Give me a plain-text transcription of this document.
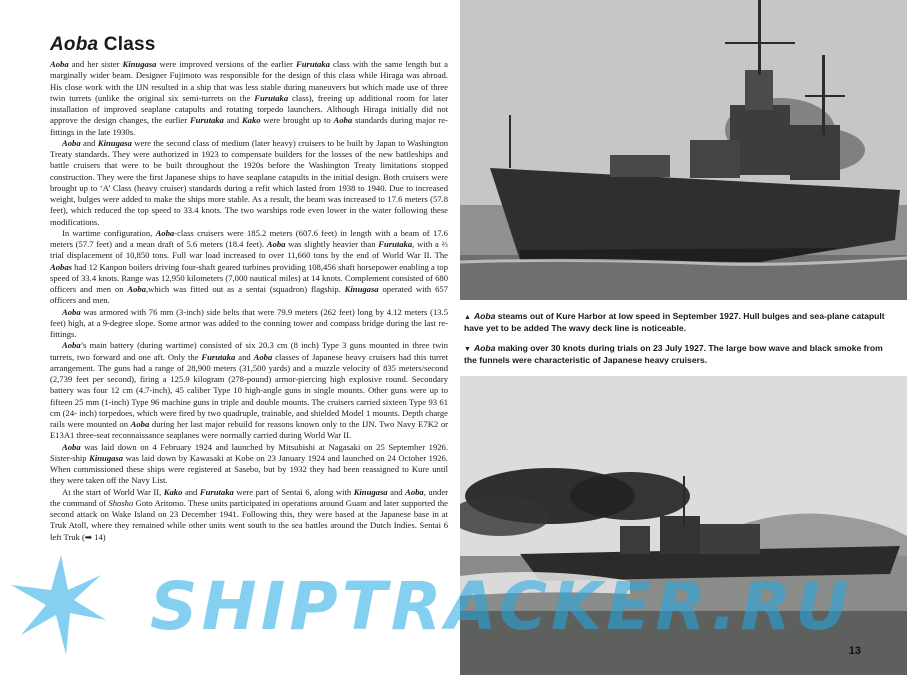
Aoba Class

Aoba and her sister Kinugasa were improved versions of the earlier Furutaka class with the same length but a marginally wider beam. Designer Fujimoto was responsible for the design of this class while Hiraga was abroad. His close work with the IJN resulted in a ship that was less stable during maneuvers but which made use of three twin turrets (unlike the original six semi-turrets on the Furutaka class), freeing up additional room for later installation of improved seaplane catapults and rotating torpedo launchers. Although Hiraga initially did not approve the design changes, the earlier Furutaka and Kako were brought up to Aoba standards during major re-fittings in the late 1930s.

Aoba and Kinugasa were the second class of medium (later heavy) cruisers to be built by Japan to Washington Treaty standards. They were authorized in 1923 to compensate builders for the losses of the new battleships and battle cruisers that were to be built throughout the 1920s before the Washington Treaty limitations stopped construction. They were the first Japanese ships to have seaplane catapults in the initial design. Both cruisers were brought up to ‘A’ Class (heavy cruiser) standards during a refit which lasted from 1938 to 1940. Due to increased weight, bulges were added to make the ships more stable. As a result, the beam was increased to 17.6 meters (57.8 feet), which reduced the top speed to 33.4 knots. The two warships rode even lower in the water following these modifications.

In wartime configuration, Aoba-class cruisers were 185.2 meters (607.6 feet) in length with a beam of 17.6 meters (57.7 feet) and a mean draft of 5.6 meters (18.4 feet). Aoba was slightly heavier than Furutaka, with a ⅔ trial displacement of 10,850 tons. Full war load increased to over 11,660 tons by the end of World War II. The Aobas had 12 Kanpon boilers driving four-shaft geared turbines providing 108,456 shaft horsepower enabling a top speed of 33.4 knots. Range was 12,950 kilometers (7,000 nautical miles) at 14 knots. Complement consisted of 680 officers and men on Aoba,which was fitted out as a sentai (squadron) flagship. Kinugasa operated with 657 officers and men.

Aoba was armored with 76 mm (3-inch) side belts that were 79.9 meters (262 feet) long by 4.12 meters (13.5 feet) high, at a 9-degree slope. Some armor was added to the conning tower and compass bridge during the last re-fittings.

Aoba’s main battery (during wartime) consisted of six 20.3 cm (8 inch) Type 3 guns mounted in three twin turrets, two forward and one aft. Only the Furutaka and Aoba classes of Japanese heavy cruisers had this turret arrangement. The guns had a range of 28,900 meters (31,500 yards) and a muzzle velocity of 835 meters/second (2,739 feet per second), firing a 125.9 kilogram (278-pound) armor-piercing high explosive round. Secondary battery was four 12 cm (4.7-inch), 45 caliber Type 10 high-angle guns in single mounts. Other guns were up to fifteen 25 mm (1-inch) Type 96 machine guns in triple and double mounts. The cruisers carried sixteen Type 93 61 cm (24- inch) torpedoes, which were fired by two quadruple, trainable, and shielded Model 1 mounts. Depth charge rails were mounted on Aoba during her last major rebuild for reasons known only to the IJN. Two Navy E7K2 or E13A1 three-seat reconnaissance seaplanes were normally carried during World War II.

Aoba was laid down on 4 February 1924 and launched by Mitsubishi at Nagasaki on 25 September 1926. Sister-ship Kinugasa was laid down by Kawasaki at Kobe on 23 January 1924 and launched on 24 October 1926. When commissioned these ships were registered at Sasebo, but by 1932 they had been reassigned to Kure until they were taken off the Navy List.

At the start of World War II, Kako and Furutaka were part of Sentai 6, along with Kinugasa and Aoba, under the command of Shosho Goto Aritomo. These units participated in operations around Guam and later supported the second attack on Wake Island on 23 December 1941. Following this, they were based at the Japanese base in at Truk Atoll, where they remained while other units went south to the sea battles around the Dutch Indies. Sentai 6 left Truk (➡ 14)

▲ Aoba steams out of Kure Harbor at low speed in September 1927. Hull bulges and sea-plane catapult have yet to be added The wavy deck line is noticeable.

▼ Aoba making over 30 knots during trials on 23 July 1927. The large bow wave and black smoke from the funnels were characteristic of Japanese heavy cruisers.

13
SHIPTRACKER.RU
